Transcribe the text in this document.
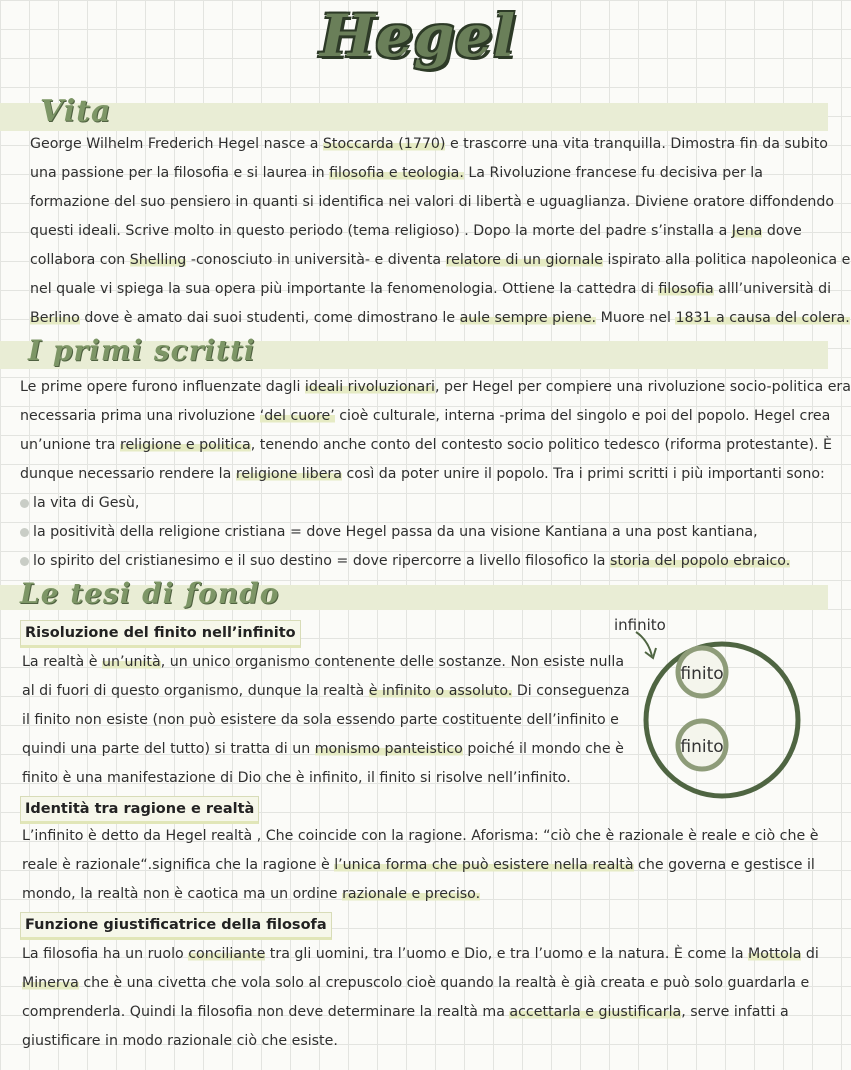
Hegel
Vita
George Wilhelm Frederich Hegel nasce a Stoccarda (1770) e trascorre una vita tranquilla. Dimostra fin da subito
una passione per la filosofia e si laurea in filosofia e teologia. La Rivoluzione francese fu decisiva per la
formazione del suo pensiero in quanti si identifica nei valori di libertà e uguaglianza. Diviene oratore diffondendo
questi ideali. Scrive molto in questo periodo (tema religioso) . Dopo la morte del padre s’installa a Jena dove
collabora con Shelling -conosciuto in università- e diventa relatore di un giornale ispirato alla politica napoleonica e
nel quale vi spiega la sua opera più importante la fenomenologia. Ottiene la cattedra di filosofia alll’università di
Berlino dove è amato dai suoi studenti, come dimostrano le aule sempre piene. Muore nel 1831 a causa del colera.
I primi scritti
Le prime opere furono influenzate dagli ideali rivoluzionari, per Hegel per compiere una rivoluzione socio-politica era
necessaria prima una rivoluzione ‘del cuore’ cioè culturale, interna -prima del singolo e poi del popolo. Hegel crea
un’unione tra religione e politica, tenendo anche conto del contesto socio politico tedesco (riforma protestante). È
dunque necessario rendere la religione libera così da poter unire il popolo. Tra i primi scritti i più importanti sono:
la vita di Gesù,
la positività della religione cristiana = dove Hegel passa da una visione Kantiana a una post kantiana,
lo spirito del cristianesimo e il suo destino = dove ripercorre a livello filosofico la storia del popolo ebraico.
Le tesi di fondo
Risoluzione del finito nell’infinito
La realtà è un’unità, un unico organismo contenente delle sostanze. Non esiste nulla
al di fuori di questo organismo, dunque la realtà è infinito o assoluto. Di conseguenza
il finito non esiste (non può esistere da sola essendo parte costituente dell’infinito e
quindi una parte del tutto) si tratta di un monismo panteistico poiché il mondo che è
finito è una manifestazione di Dio che è infinito, il finito si risolve nell’infinito.
Identità tra ragione e realtà
L’infinito è detto da Hegel realtà , Che coincide con la ragione. Aforisma: “ciò che è razionale è reale e ciò che è
reale è razionale“.significa che la ragione è l’unica forma che può esistere nella realtà che governa e gestisce il
mondo, la realtà non è caotica ma un ordine razionale e preciso.
Funzione giustificatrice della filosofa
La filosofia ha un ruolo conciliante tra gli uomini, tra l’uomo e Dio, e tra l’uomo e la natura. È come la Mottola di
Minerva che è una civetta che vola solo al crepuscolo cioè quando la realtà è già creata e può solo guardarla e
comprenderla. Quindi la filosofia non deve determinare la realtà ma accettarla e giustificarla, serve infatti a
giustificare in modo razionale ciò che esiste.
infinito
finito
finito
